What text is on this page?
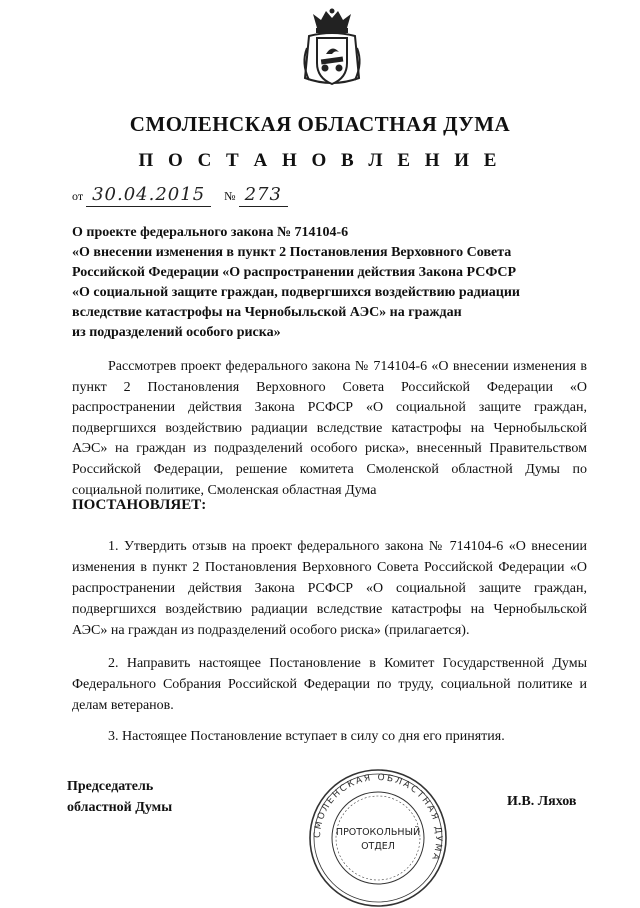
СМОЛЕНСКАЯ ОБЛАСТНАЯ ДУМА
П О С Т А Н О В Л Е Н И Е
от 30.04.2015 № 273
О проекте федерального закона № 714104-6
«О внесении изменения в пункт 2 Постановления Верховного Совета
Российской Федерации «О распространении действия Закона РСФСР
«О социальной защите граждан, подвергшихся воздействию радиации
вследствие катастрофы на Чернобыльской АЭС» на граждан
из подразделений особого риска»
Рассмотрев проект федерального закона № 714104-6 «О внесении изменения в пункт 2 Постановления Верховного Совета Российской Федерации «О распространении действия Закона РСФСР «О социальной защите граждан, подвергшихся воздействию радиации вследствие катастрофы на Чернобыльской АЭС» на граждан из подразделений особого риска», внесенный Правительством Российской Федерации, решение комитета Смоленской областной Думы по социальной политике, Смоленская областная Дума
ПОСТАНОВЛЯЕТ:
1. Утвердить отзыв на проект федерального закона № 714104-6 «О внесении изменения в пункт 2 Постановления Верховного Совета Российской Федерации «О распространении действия Закона РСФСР «О социальной защите граждан, подвергшихся воздействию радиации вследствие катастрофы на Чернобыльской АЭС» на граждан из подразделений особого риска» (прилагается).
2. Направить настоящее Постановление в Комитет Государственной Думы Федерального Собрания Российской Федерации по труду, социальной политике и делам ветеранов.
3. Настоящее Постановление вступает в силу со дня его принятия.
Председатель
областной Думы
СМОЛЕНСКАЯ ОБЛАСТНАЯ ДУМА
ПРОТОКОЛЬНЫЙ
ОТДЕЛ
И.В. Ляхов
